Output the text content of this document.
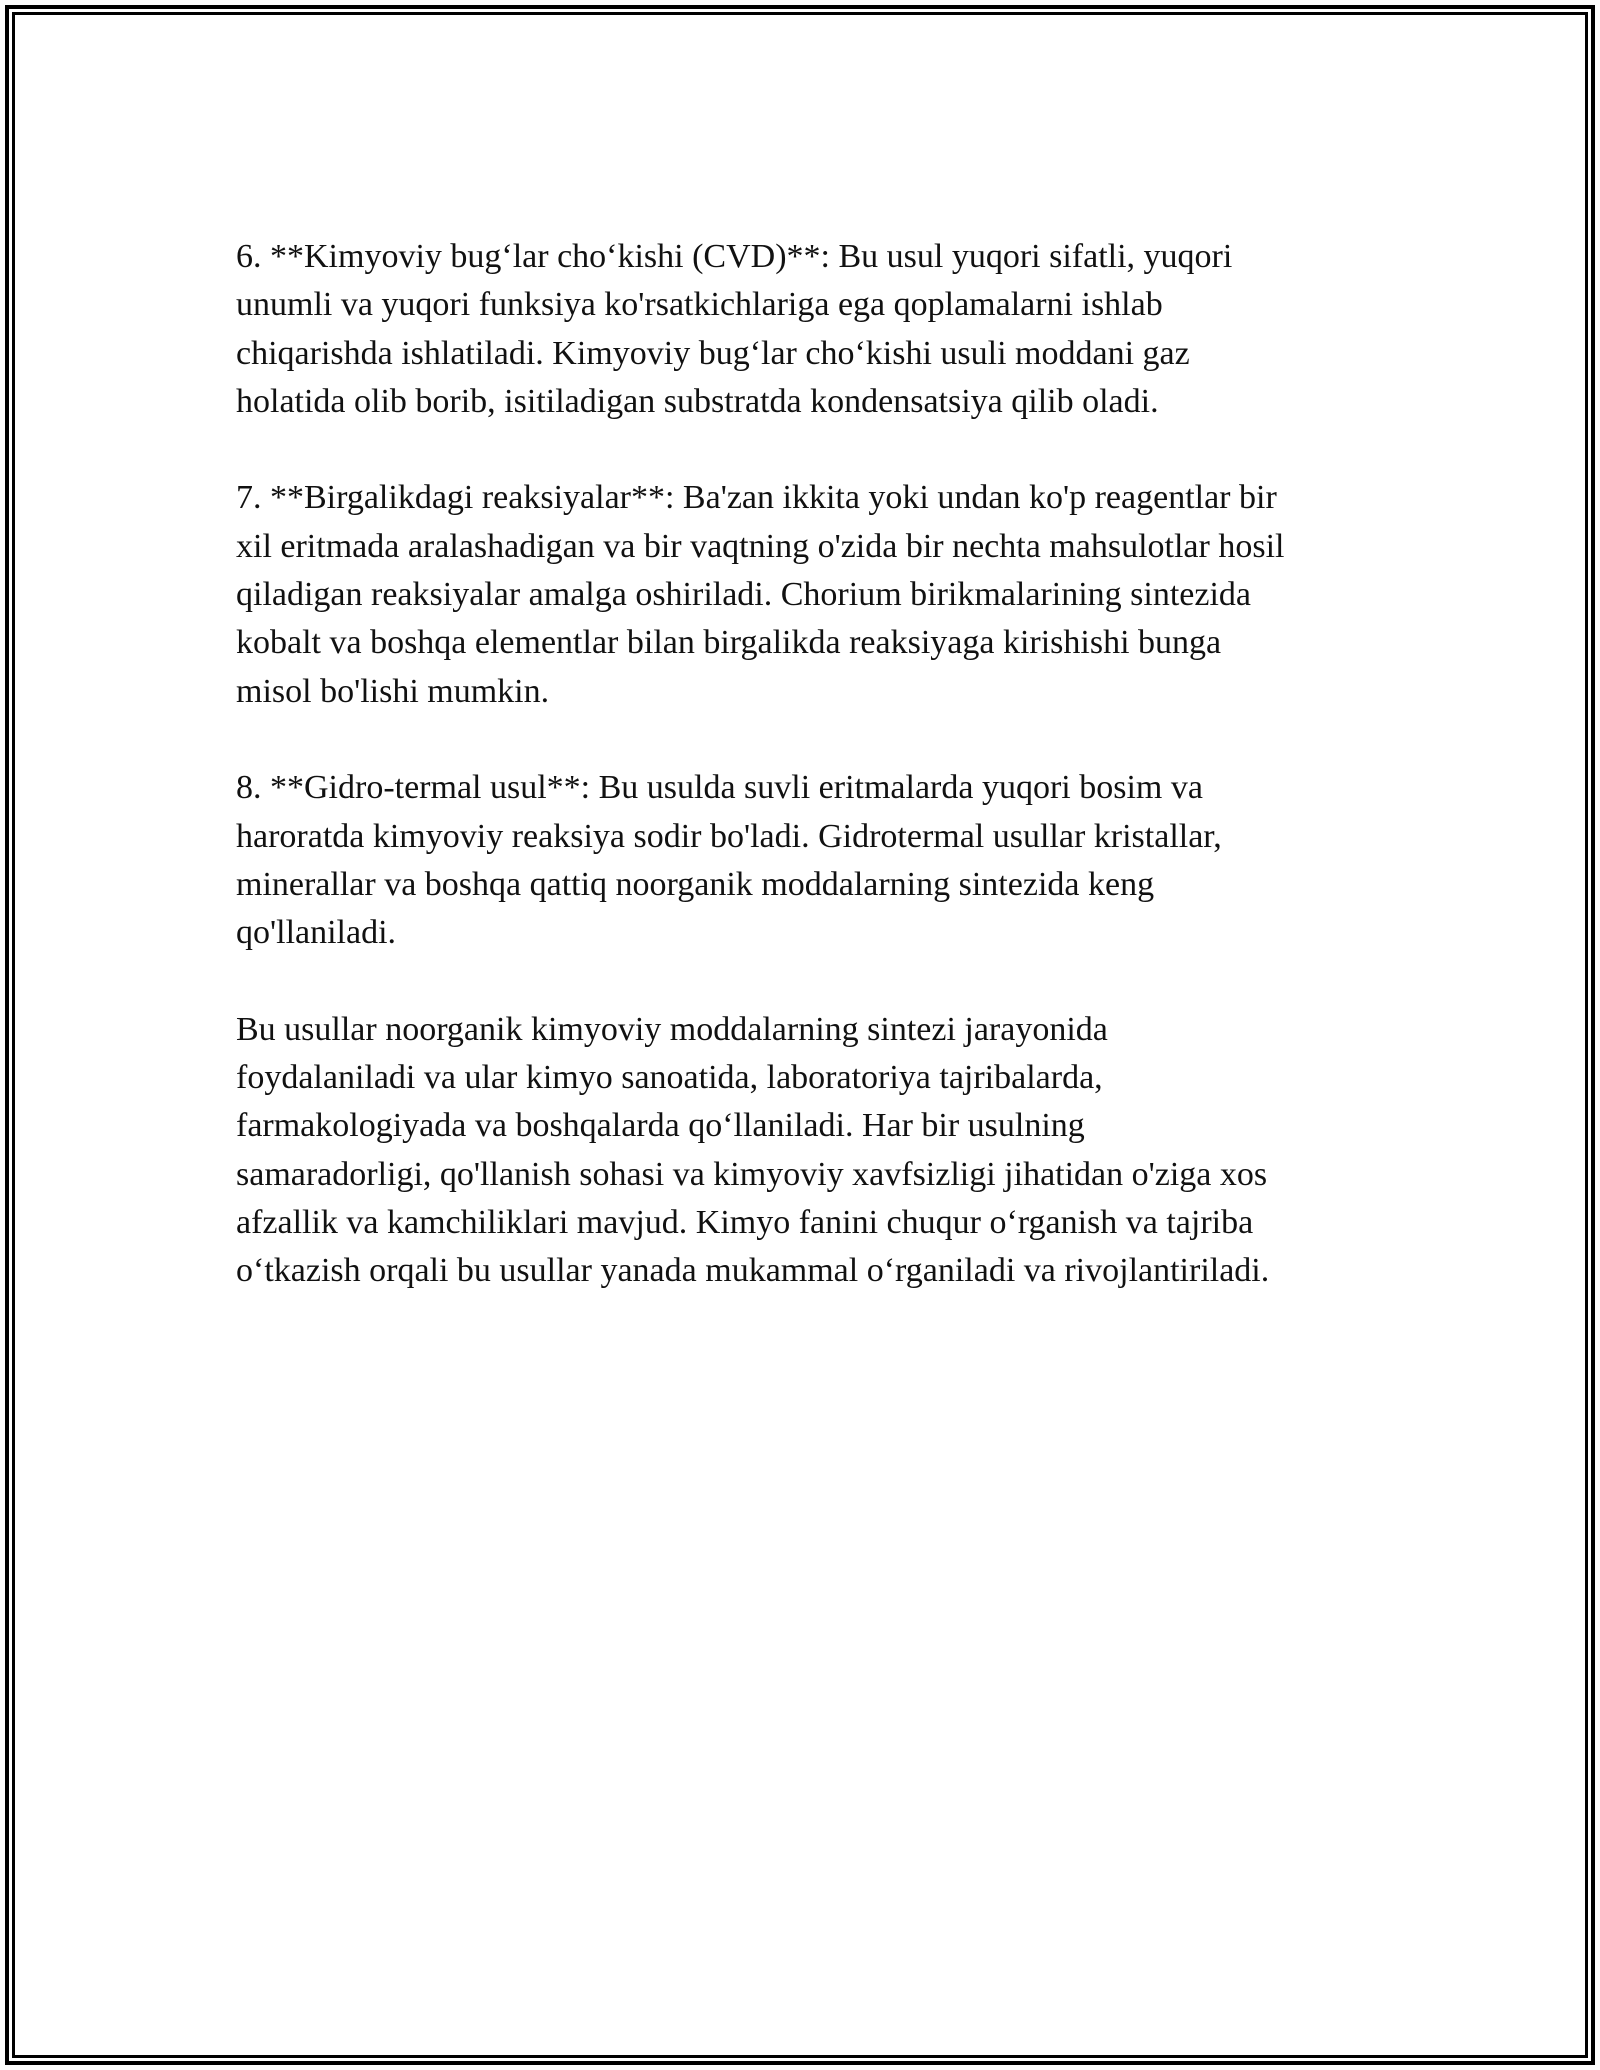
6. **Kimyoviy bug‘lar cho‘kishi (CVD)**: Bu usul yuqori sifatli, yuqori
unumli va yuqori funksiya ko'rsatkichlariga ega qoplamalarni ishlab
chiqarishda ishlatiladi. Kimyoviy bug‘lar cho‘kishi usuli moddani gaz
holatida olib borib, isitiladigan substratda kondensatsiya qilib oladi.

7. **Birgalikdagi reaksiyalar**: Ba'zan ikkita yoki undan ko'p reagentlar bir
xil eritmada aralashadigan va bir vaqtning o'zida bir nechta mahsulotlar hosil
qiladigan reaksiyalar amalga oshiriladi. Chorium birikmalarining sintezida
kobalt va boshqa elementlar bilan birgalikda reaksiyaga kirishishi bunga
misol bo'lishi mumkin.

8. **Gidro-termal usul**: Bu usulda suvli eritmalarda yuqori bosim va
haroratda kimyoviy reaksiya sodir bo'ladi. Gidrotermal usullar kristallar,
minerallar va boshqa qattiq noorganik moddalarning sintezida keng
qo'llaniladi.

Bu usullar noorganik kimyoviy moddalarning sintezi jarayonida
foydalaniladi va ular kimyo sanoatida, laboratoriya tajribalarda,
farmakologiyada va boshqalarda qo‘llaniladi. Har bir usulning
samaradorligi, qo'llanish sohasi va kimyoviy xavfsizligi jihatidan o'ziga xos
afzallik va kamchiliklari mavjud. Kimyo fanini chuqur o‘rganish va tajriba
o‘tkazish orqali bu usullar yanada mukammal o‘rganiladi va rivojlantiriladi.
